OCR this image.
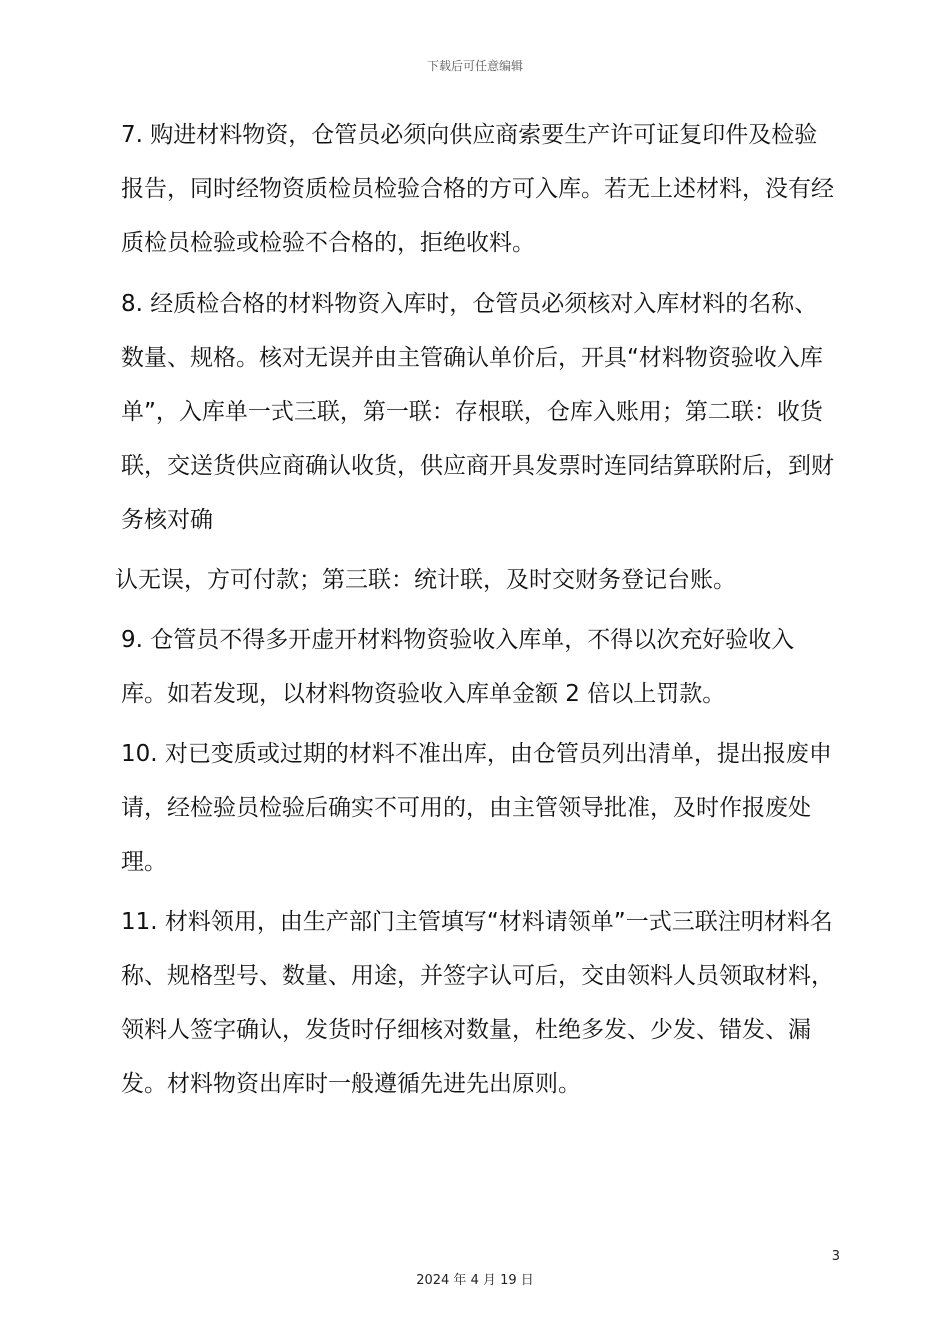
下载后可任意编辑

7. 购进材料物资，仓管员必须向供应商索要生产许可证复印件及检验报告，同时经物资质检员检验合格的方可入库。若无上述材料，没有经质检员检验或检验不合格的，拒绝收料。

8. 经质检合格的材料物资入库时，仓管员必须核对入库材料的名称、数量、规格。核对无误并由主管确认单价后，开具“材料物资验收入库单”，入库单一式三联，第一联：存根联，仓库入账用；第二联：收货联，交送货供应商确认收货，供应商开具发票时连同结算联附后，到财务核对确

认无误，方可付款；第三联：统计联，及时交财务登记台账。

9. 仓管员不得多开虚开材料物资验收入库单，不得以次充好验收入库。如若发现，以材料物资验收入库单金额 2 倍以上罚款。

10. 对已变质或过期的材料不准出库，由仓管员列出清单，提出报废申请，经检验员检验后确实不可用的，由主管领导批准，及时作报废处理。

11. 材料领用，由生产部门主管填写“材料请领单”一式三联注明材料名称、规格型号、数量、用途，并签字认可后，交由领料人员领取材料，领料人签字确认，发货时仔细核对数量，杜绝多发、少发、错发、漏发。材料物资出库时一般遵循先进先出原则。

3
2024 年 4 月 19 日
